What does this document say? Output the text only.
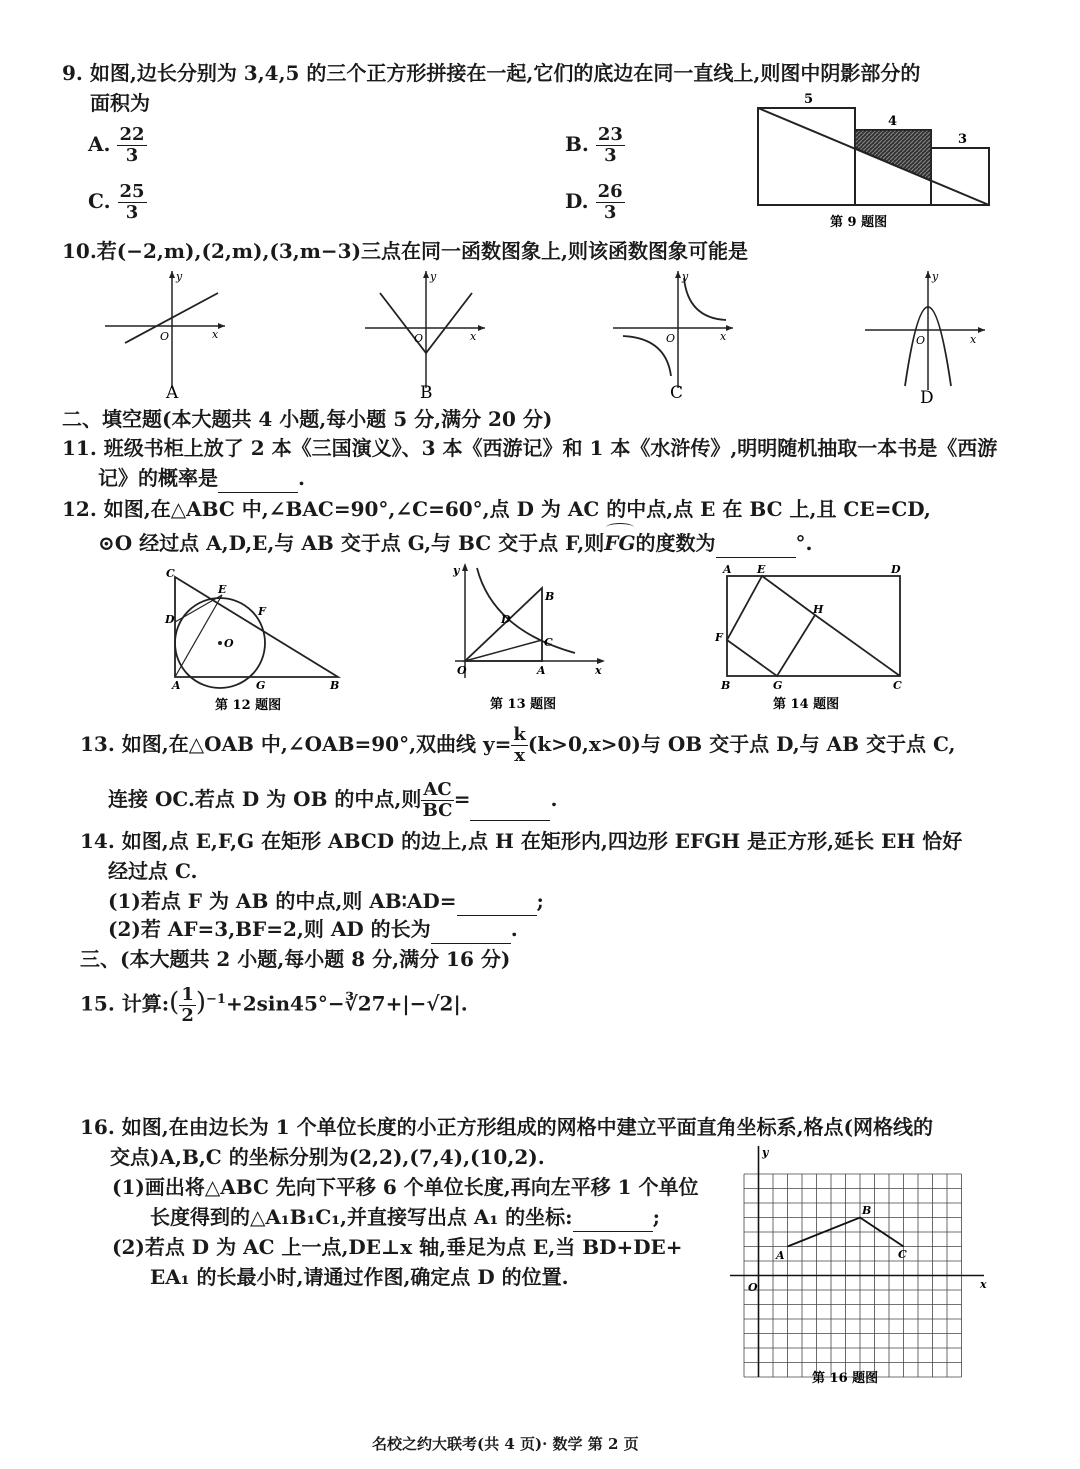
9. 如图,边长分别为 3,4,5 的三个正方形拼接在一起,它们的底边在同一直线上,则图中阴影部分的
面积为
A. $\frac{22}{3}$	B. $\frac{23}{3}$
C. $\frac{25}{3}$	D. $\frac{26}{3}$
5
4
3
第 9 题图
10.若(−2,m),(2,m),(3,m−3)三点在同一函数图象上,则该函数图象可能是
y
x
O
A
y
x
O
B
y
x
O
C
y
x
O
D
二、填空题(本大题共 4 小题,每小题 5 分,满分 20 分)
11. 班级书柜上放了 2 本《三国演义》、3 本《西游记》和 1 本《水浒传》,明明随机抽取一本书是《西游
记》的概率是	.
12. 如图,在△ABC 中,∠BAC=90°,∠C=60°,点 D 为 AC 的中点,点 E 在 BC 上,且 CE=CD,
⊙O 经过点 A,D,E,与 AB 交于点 G,与 BC 交于点 F,则
FG的度数为	°.
C
E
F
D
O
A	G	B
第 12 题图
y
D
B
C
O	A	x
第 13 题图
A E	D
H
F
B	G	C
第 14 题图
13. 如图,在△OAB 中,∠OAB=90°,双曲线 $y= \frac{k}{x} (k>0,x>0)$与 OB 交于点 D,与 AB 交于点 C,
连接 OC.若点 D 为 OB 的中点,则 $\frac{AC}{BC}$ =	.
14. 如图,点 E,F,G 在矩形 ABCD 的边上,点 H 在矩形内,四边形 EFGH 是正方形,延长 EH 恰好
经过点 C.
(1)若点 F 为 AB 的中点,则 AB∶AD=	;
(2)若 AF=3,BF=2,则 AD 的长为	.
三、(本大题共 2 小题,每小题 8 分,满分 16 分)
15. 计算:( $\frac{1}{2}$ )$^{-1}$+2sin45°−∛27+|−√2|.
16. 如图,在由边长为 1 个单位长度的小正方形组成的网格中建立平面直角坐标系,格点(网格线的
交点)A,B,C 的坐标分别为(2,2),(7,4),(10,2).
(1)画出将△ABC 先向下平移 6 个单位长度,再向左平移 1 个单位
长度得到的△A₁B₁C₁,并直接写出点 A₁ 的坐标:	;
(2)若点 D 为 AC 上一点,DE⊥x 轴,垂足为点 E,当 BD+DE+
EA₁ 的长最小时,请通过作图,确定点 D 的位置.
y
x
O
A
B
C
第 16 题图
名校之约大联考(共 4 页)· 数学 第 2 页
